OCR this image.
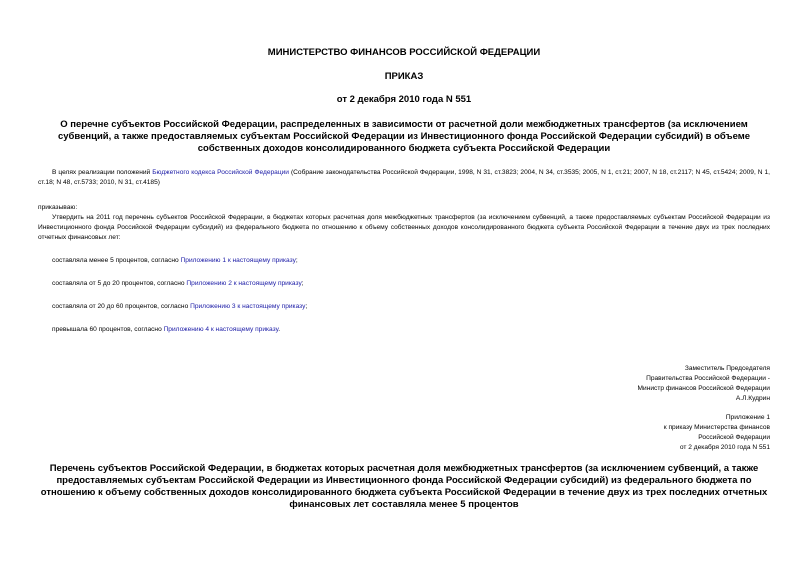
МИНИСТЕРСТВО ФИНАНСОВ РОССИЙСКОЙ ФЕДЕРАЦИИ
ПРИКАЗ
от 2 декабря 2010 года N 551
О перечне субъектов Российской Федерации, распределенных в зависимости от расчетной доли межбюджетных трансфертов (за исключением субвенций, а также предоставляемых субъектам Российской Федерации из Инвестиционного фонда Российской Федерации субсидий) в объеме собственных доходов консолидированного бюджета субъекта Российской Федерации
В целях реализации положений Бюджетного кодекса Российской Федерации (Собрание законодательства Российской Федерации, 1998, N 31, ст.3823; 2004, N 34, ст.3535; 2005, N 1, ст.21; 2007, N 18, ст.2117; N 45, ст.5424; 2009, N 1, ст.18; N 48, ст.5733; 2010, N 31, ст.4185)
приказываю:
Утвердить на 2011 год перечень субъектов Российской Федерации, в бюджетах которых расчетная доля межбюджетных трансфертов (за исключением субвенций, а также предоставляемых субъектам Российской Федерации из Инвестиционного фонда Российской Федерации субсидий) из федерального бюджета по отношению к объему собственных доходов консолидированного бюджета субъекта Российской Федерации в течение двух из трех последних отчетных финансовых лет:
составляла менее 5 процентов, согласно Приложению 1 к настоящему приказу;
составляла от 5 до 20 процентов, согласно Приложению 2 к настоящему приказу;
составляла от 20 до 60 процентов, согласно Приложению 3 к настоящему приказу;
превышала 60 процентов, согласно Приложению 4 к настоящему приказу.
Заместитель Председателя
Правительства Российской Федерации -
Министр финансов Российской Федерации
А.Л.Кудрин
Приложение 1
к приказу Министерства финансов
Российской Федерации
от 2 декабря 2010 года N 551
Перечень субъектов Российской Федерации, в бюджетах которых расчетная доля межбюджетных трансфертов (за исключением субвенций, а также предоставляемых субъектам Российской Федерации из Инвестиционного фонда Российской Федерации субсидий) из федерального бюджета по отношению к объему собственных доходов консолидированного бюджета субъекта Российской Федерации в течение двух из трех последних отчетных финансовых лет составляла менее 5 процентов
